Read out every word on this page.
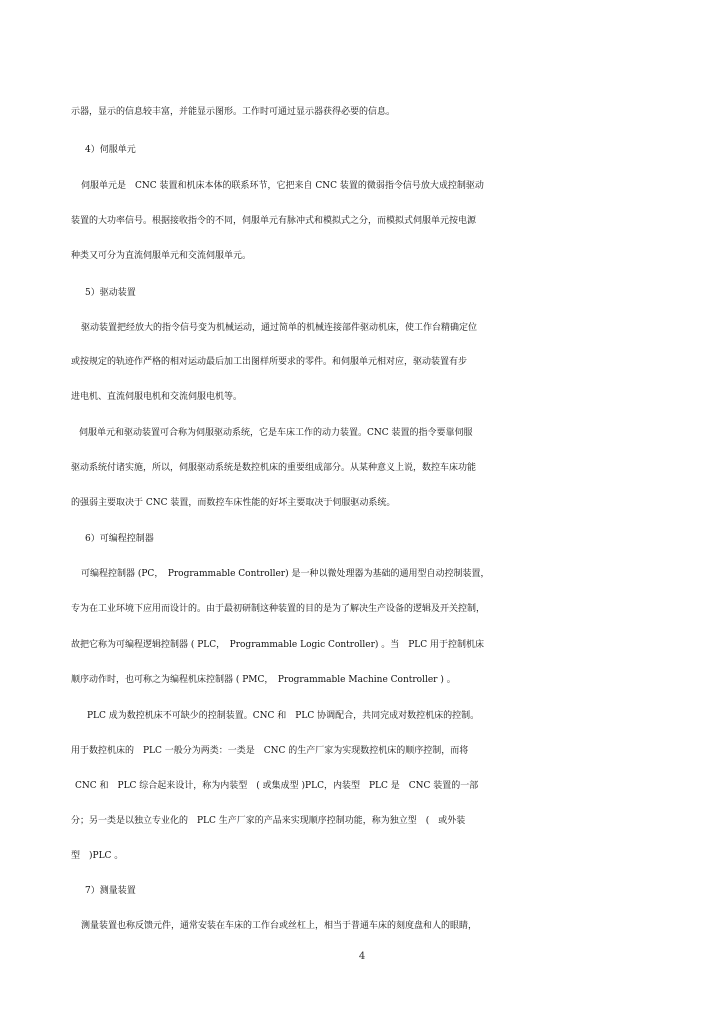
示器，显示的信息较丰富，并能显示图形。工作时可通过显示器获得必要的信息。
4）伺服单元
伺服单元是　CNC 装置和机床本体的联系环节，它把来自 CNC 装置的微弱指令信号放大成控制驱动
装置的大功率信号。根据接收指令的不同，伺服单元有脉冲式和模拟式之分，而模拟式伺服单元按电源
种类又可分为直流伺服单元和交流伺服单元。
5）驱动装置
驱动装置把经放大的指令信号变为机械运动，通过简单的机械连接部件驱动机床，使工作台精确定位
或按规定的轨迹作严格的相对运动最后加工出图样所要求的零件。和伺服单元相对应，驱动装置有步
进电机、直流伺服电机和交流伺服电机等。
伺服单元和驱动装置可合称为伺服驱动系统，它是车床工作的动力装置。CNC 装置的指令要靠伺服
驱动系统付诸实施，所以，伺服驱动系统是数控机床的重要组成部分。从某种意义上说，数控车床功能
的强弱主要取决于 CNC 装置，而数控车床性能的好坏主要取决于伺服驱动系统。
6）可编程控制器
可编程控制器 (PC，　Programmable Controller) 是一种以微处理器为基础的通用型自动控制装置，
专为在工业环境下应用而设计的。由于最初研制这种装置的目的是为了解决生产设备的逻辑及开关控制，
故把它称为可编程逻辑控制器 ( PLC，　Programmable Logic Controller) 。当　PLC 用于控制机床
顺序动作时，也可称之为编程机床控制器 ( PMC，　Programmable Machine Controller ) 。
PLC 成为数控机床不可缺少的控制装置。CNC 和　PLC 协调配合，共同完成对数控机床的控制。
用于数控机床的　PLC 一般分为两类：一类是　CNC 的生产厂家为实现数控机床的顺序控制，而将
CNC 和　PLC 综合起来设计，称为内装型　( 或集成型 )PLC，内装型　PLC 是　CNC 装置的一部
分；另一类是以独立专业化的　PLC 生产厂家的产品来实现顺序控制功能，称为独立型　(　或外装
型　)PLC 。
7）测量装置
测量装置也称反馈元件，通常安装在车床的工作台或丝杠上，相当于普通车床的刻度盘和人的眼睛，
4
